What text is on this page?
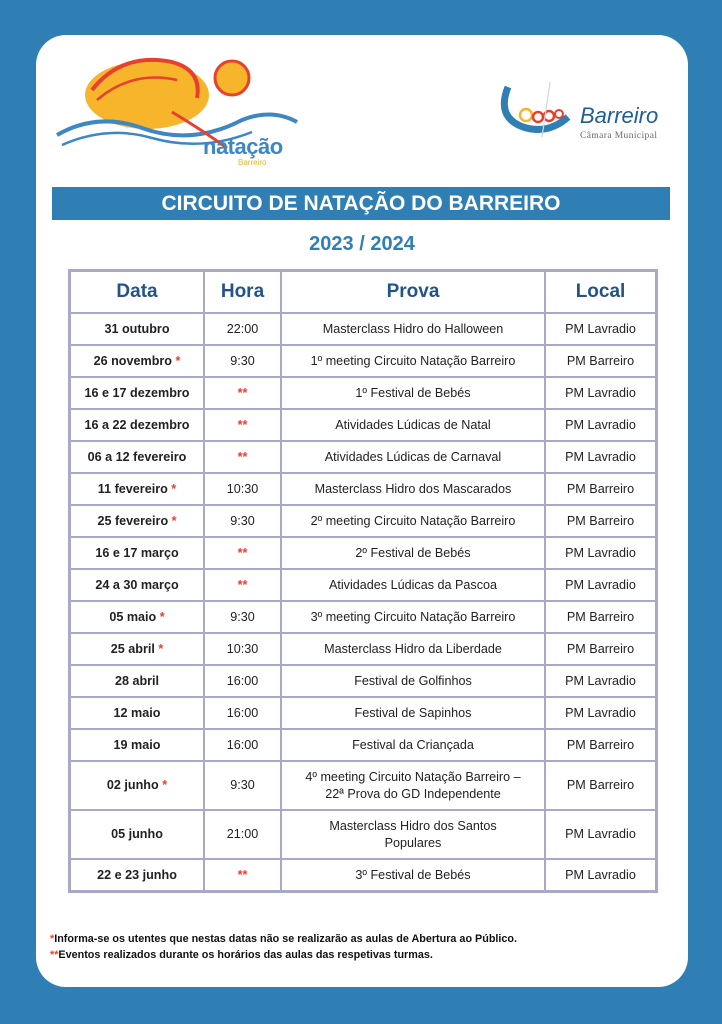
natação
Barreiro
Barreiro
Câmara Municipal
CIRCUITO DE NATAÇÃO DO BARREIRO
2023 / 2024
Data	Hora	Prova	Local
31 outubro	22:00	Masterclass Hidro do Halloween	PM Lavradio
26 novembro *	9:30	1º meeting Circuito Natação Barreiro	PM Barreiro
16 e 17 dezembro	**	1º Festival de Bebés	PM Lavradio
16 a 22 dezembro	**	Atividades Lúdicas de Natal	PM Lavradio
06 a 12 fevereiro	**	Atividades Lúdicas de Carnaval	PM Lavradio
11 fevereiro *	10:30	Masterclass Hidro dos Mascarados	PM Barreiro
25 fevereiro *	9:30	2º meeting Circuito Natação Barreiro	PM Barreiro
16 e 17 março	**	2º Festival de Bebés	PM Lavradio
24 a 30 março	**	Atividades Lúdicas da Pascoa	PM Lavradio
05 maio *	9:30	3º meeting Circuito Natação Barreiro	PM Barreiro
25 abril *	10:30	Masterclass Hidro da Liberdade	PM Barreiro
28 abril	16:00	Festival de Golfinhos	PM Lavradio
12 maio	16:00	Festival de Sapinhos	PM Lavradio
19 maio	16:00	Festival da Criançada	PM Barreiro
02 junho *	9:30	4º meeting Circuito Natação Barreiro –
22ª Prova do GD Independente	PM Barreiro
05 junho	21:00	Masterclass Hidro dos Santos
Populares	PM Lavradio
22 e 23 junho	**	3º Festival de Bebés	PM Lavradio
*Informa-se os utentes que nestas datas não se realizarão as aulas de Abertura ao Público.
**Eventos realizados durante os horários das aulas das respetivas turmas.
